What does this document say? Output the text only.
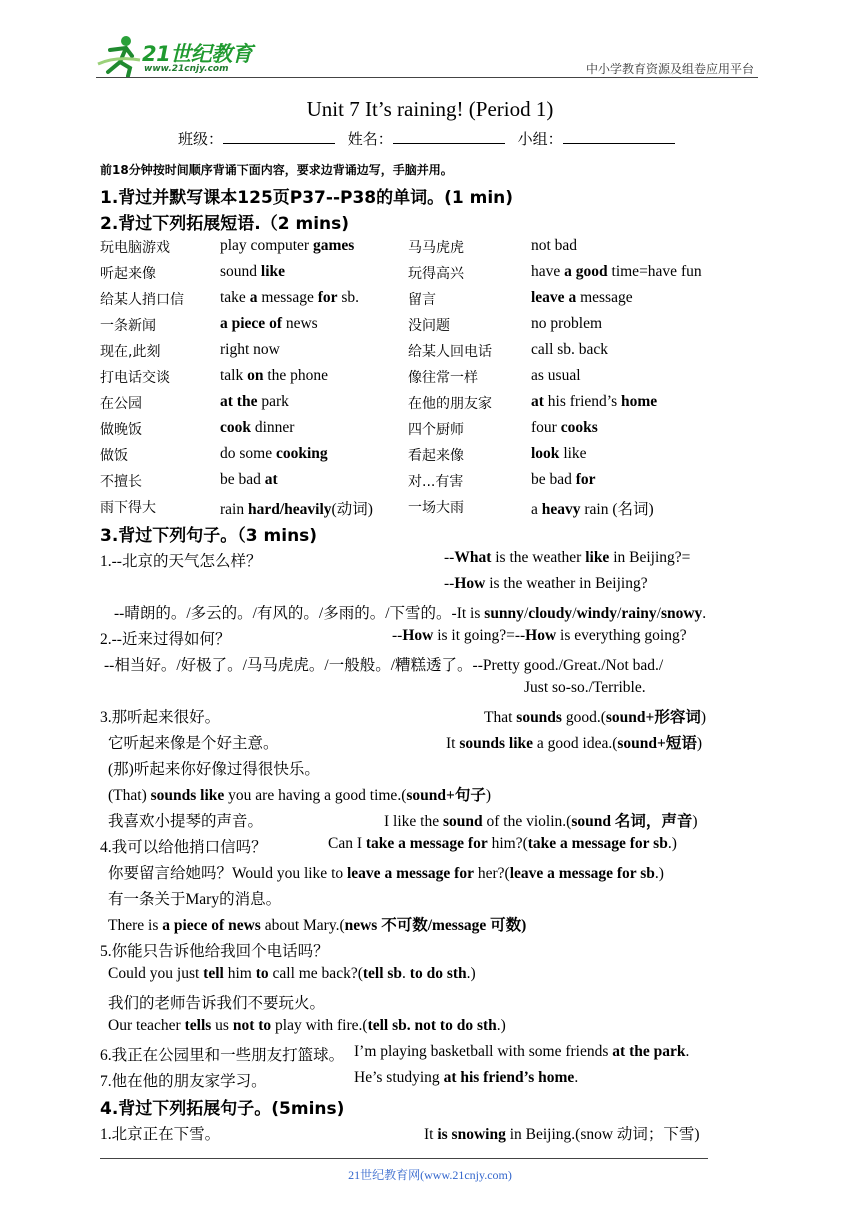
21世纪教育
www.21cnjy.com	中小学教育资源及组卷应用平台
Unit 7 It’s raining! (Period 1)
班级：	姓名：	小组：
前18分钟按时间顺序背诵下面内容，要求边背诵边写，手脑并用。
1.背过并默写课本125页P37--P38的单词。(1 min)
2.背过下列拓展短语.（2 mins)
玩电脑游戏	play computer games	马马虎虎	not bad
听起来像	sound like	玩得高兴	have a good time=have fun
给某人捎口信 take a message for sb.	留言	leave a message
一条新闻	a piece of news	没问题	no problem
现在,此刻	right now	给某人回电话	call sb. back
打电话交谈	talk on the phone	像往常一样	as usual
在公园	at the park	在他的朋友家	at his friend’s home
做晚饭	cook dinner	四个厨师	four cooks
做饭	do some cooking	看起来像	look like
不擅长	be bad at	对...有害	be bad for
雨下得大	rain hard/heavily(动词)	一场大雨	a heavy rain (名词)
3.背过下列句子。（3 mins)
1.--北京的天气怎么样？	--What is the weather like in Beijing?=
--How is the weather in Beijing?
--晴朗的。/多云的。/有风的。/多雨的。/下雪的。-It is sunny/cloudy/windy/rainy/snowy.
2.--近来过得如何？	--How is it going?=--How is everything going?
--相当好。/好极了。/马马虎虎。/一般般。/糟糕透了。--Pretty good./Great./Not bad./
Just so-so./Terrible.
3.那听起来很好。	That sounds good.(sound+形容词)
它听起来像是个好主意。	It sounds like a good idea.(sound+短语)
(那)听起来你好像过得很快乐。
(That) sounds like you are having a good time.(sound+句子)
我喜欢小提琴的声音。	I like the sound of the violin.(sound 名词，声音)
4.我可以给他捎口信吗？	Can I take a message for him?(take a message for sb.)
你要留言给她吗？Would you like to leave a message for her?(leave a message for sb.)
有一条关于Mary的消息。
There is a piece of news about Mary.(news 不可数/message 可数)
5.你能只告诉他给我回个电话吗？
Could you just tell him to call me back?(tell sb. to do sth.)
我们的老师告诉我们不要玩火。
Our teacher tells us not to play with fire.(tell sb. not to do sth.)
6.我正在公园里和一些朋友打篮球。 I’m playing basketball with some friends at the park.
7.他在他的朋友家学习。	He’s studying at his friend’s home.
4.背过下列拓展句子。(5mins)
1.北京正在下雪。	It is snowing in Beijing.(snow 动词；下雪)
21世纪教育网(www.21cnjy.com)
